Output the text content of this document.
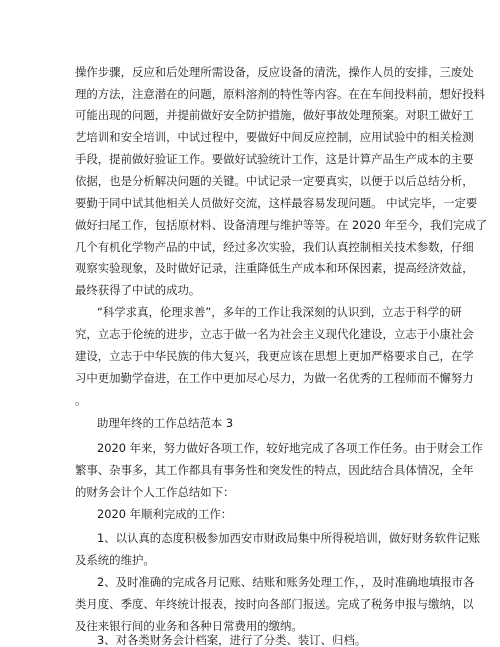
操作步骤，反应和后处理所需设备，反应设备的清洗，操作人员的安排，三废处
理的方法，注意潜在的问题，原料溶剂的特性等内容。在在车间投料前，想好投料
可能出现的问题，并提前做好安全防护措施，做好事故处理预案。对职工做好工
艺培训和安全培训，中试过程中，要做好中间反应控制，应用试验中的相关检测
手段，提前做好验证工作。要做好试验统计工作，这是计算产品生产成本的主要
依据，也是分析解决问题的关键。中试记录一定要真实，以便于以后总结分析，
要勤于同中试其他相关人员做好交流，这样最容易发现问题。 中试完毕，一定要
做好扫尾工作，包括原材料、设备清理与维护等等。在 2020 年至今，我们完成了
几个有机化学物产品的中试，经过多次实验，我们认真控制相关技术参数，仔细
观察实验现象，及时做好记录，注重降低生产成本和环保因素，提高经济效益，
最终获得了中试的成功。
“科学求真，伦理求善”，多年的工作让我深刻的认识到，立志于科学的研
究，立志于伦统的进步，立志于做一名为社会主义现代化建设，立志于小康社会
建设，立志于中华民族的伟大复兴，我更应该在思想上更加严格要求自己，在学
习中更加勤学奋进，在工作中更加尽心尽力，为做一名优秀的工程师而不懈努力
。
助理年终的工作总结范本 3
2020 年来，努力做好各项工作，较好地完成了各项工作任务。由于财会工作
繁事、杂事多，其工作都具有事务性和突发性的特点，因此结合具体情况，全年
的财务会计个人工作总结如下：
2020 年顺利完成的工作：
1、以认真的态度积极参加西安市财政局集中所得税培训，做好财务软件记账
及系统的维护。
2、及时准确的完成各月记账、结账和账务处理工作，，及时准确地填报市各
类月度、季度、年终统计报表，按时向各部门报送。完成了税务申报与缴纳，以
及往来银行间的业务和各种日常费用的缴纳。
3、对各类财务会计档案，进行了分类、装订、归档。
